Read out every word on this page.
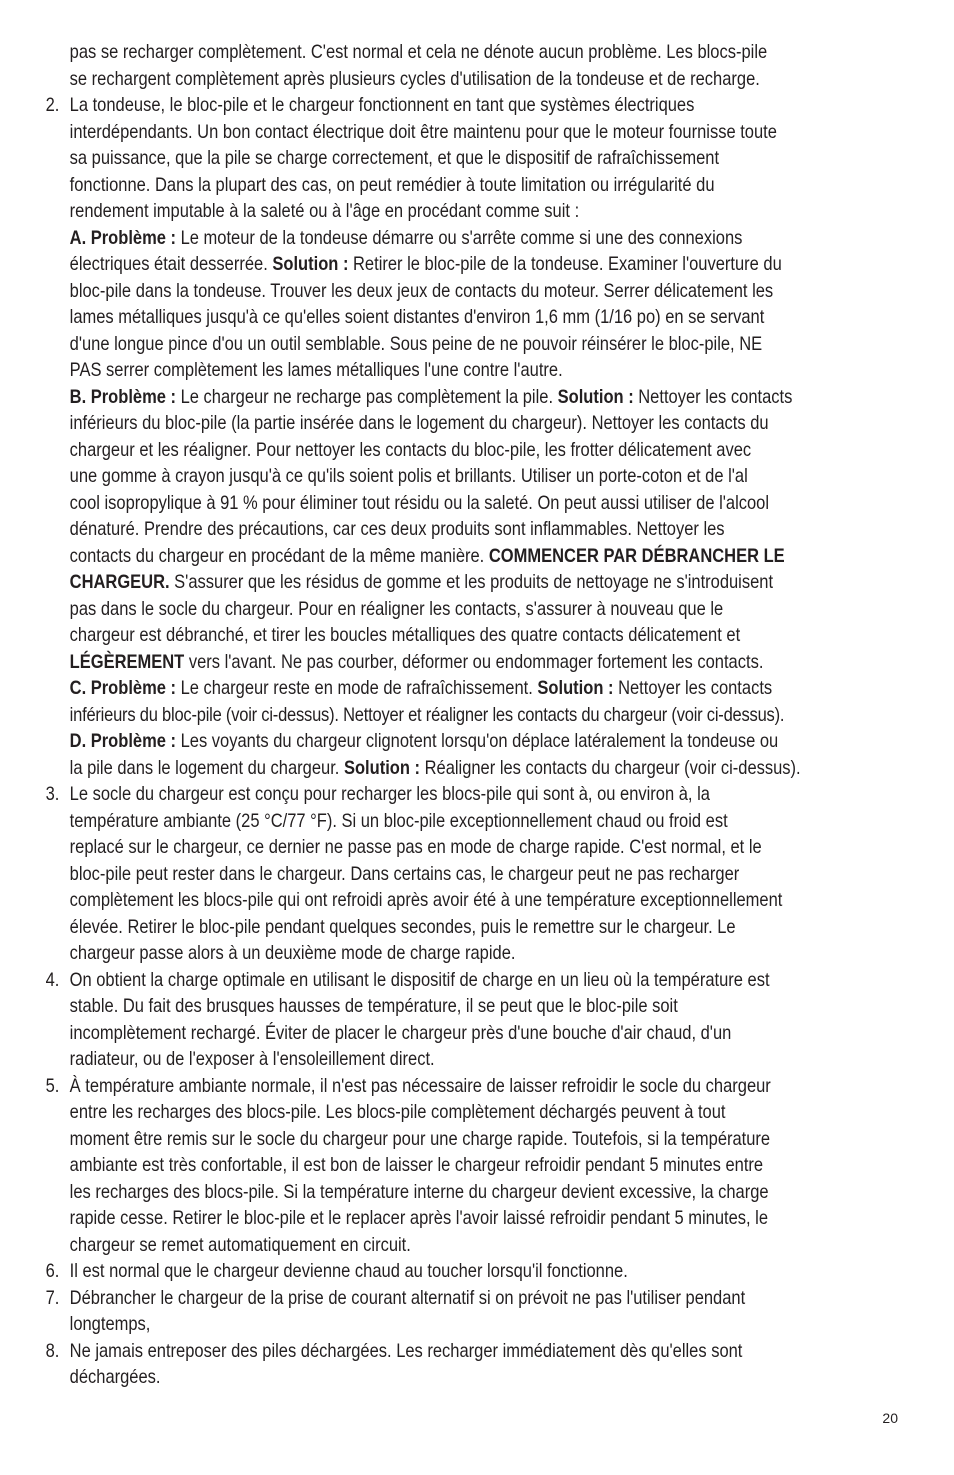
pas se recharger complètement. C'est normal et cela ne dénote aucun problème. Les blocs-pile
se rechargent complètement après plusieurs cycles d'utilisation de la tondeuse et de recharge.
2. La tondeuse, le bloc-pile et le chargeur fonctionnent en tant que systèmes électriques
interdépendants. Un bon contact électrique doit être maintenu pour que le moteur fournisse toute
sa puissance, que la pile se charge correctement, et que le dispositif de rafraîchissement
fonctionne. Dans la plupart des cas, on peut remédier à toute limitation ou irrégularité du
rendement imputable à la saleté ou à l'âge en procédant comme suit :
A. Problème : Le moteur de la tondeuse démarre ou s'arrête comme si une des connexions
électriques était desserrée. Solution : Retirer le bloc-pile de la tondeuse. Examiner l'ouverture du
bloc-pile dans la tondeuse. Trouver les deux jeux de contacts du moteur. Serrer délicatement les
lames métalliques jusqu'à ce qu'elles soient distantes d'environ 1,6 mm (1/16 po) en se servant
d'une longue pince d'ou un outil semblable. Sous peine de ne pouvoir réinsérer le bloc-pile, NE
PAS serrer complètement les lames métalliques l'une contre l'autre.
B. Problème : Le chargeur ne recharge pas complètement la pile. Solution : Nettoyer les contacts
inférieurs du bloc-pile (la partie insérée dans le logement du chargeur). Nettoyer les contacts du
chargeur et les réaligner. Pour nettoyer les contacts du bloc-pile, les frotter délicatement avec
une gomme à crayon jusqu'à ce qu'ils soient polis et brillants. Utiliser un porte-coton et de l'al
cool isopropylique à 91 % pour éliminer tout résidu ou la saleté. On peut aussi utiliser de l'alcool
dénaturé. Prendre des précautions, car ces deux produits sont inflammables. Nettoyer les
contacts du chargeur en procédant de la même manière. COMMENCER PAR DÉBRANCHER LE
CHARGEUR. S'assurer que les résidus de gomme et les produits de nettoyage ne s'introduisent
pas dans le socle du chargeur. Pour en réaligner les contacts, s'assurer à nouveau que le
chargeur est débranché, et tirer les boucles métalliques des quatre contacts délicatement et
LÉGÈREMENT vers l'avant. Ne pas courber, déformer ou endommager fortement les contacts.
C. Problème : Le chargeur reste en mode de rafraîchissement. Solution : Nettoyer les contacts
inférieurs du bloc-pile (voir ci-dessus). Nettoyer et réaligner les contacts du chargeur (voir ci-dessus).
D. Problème : Les voyants du chargeur clignotent lorsqu'on déplace latéralement la tondeuse ou
la pile dans le logement du chargeur. Solution : Réaligner les contacts du chargeur (voir ci-dessus).
3. Le socle du chargeur est conçu pour recharger les blocs-pile qui sont à, ou environ à, la
température ambiante (25 °C/77 °F). Si un bloc-pile exceptionnellement chaud ou froid est
replacé sur le chargeur, ce dernier ne passe pas en mode de charge rapide. C'est normal, et le
bloc-pile peut rester dans le chargeur. Dans certains cas, le chargeur peut ne pas recharger
complètement les blocs-pile qui ont refroidi après avoir été à une température exceptionnellement
élevée. Retirer le bloc-pile pendant quelques secondes, puis le remettre sur le chargeur. Le
chargeur passe alors à un deuxième mode de charge rapide.
4. On obtient la charge optimale en utilisant le dispositif de charge en un lieu où la température est
stable. Du fait des brusques hausses de température, il se peut que le bloc-pile soit
incomplètement rechargé. Éviter de placer le chargeur près d'une bouche d'air chaud, d'un
radiateur, ou de l'exposer à l'ensoleillement direct.
5. À température ambiante normale, il n'est pas nécessaire de laisser refroidir le socle du chargeur
entre les recharges des blocs-pile. Les blocs-pile complètement déchargés peuvent à tout
moment être remis sur le socle du chargeur pour une charge rapide. Toutefois, si la température
ambiante est très confortable, il est bon de laisser le chargeur refroidir pendant 5 minutes entre
les recharges des blocs-pile. Si la température interne du chargeur devient excessive, la charge
rapide cesse. Retirer le bloc-pile et le replacer après l'avoir laissé refroidir pendant 5 minutes, le
chargeur se remet automatiquement en circuit.
6. Il est normal que le chargeur devienne chaud au toucher lorsqu'il fonctionne.
7. Débrancher le chargeur de la prise de courant alternatif si on prévoit ne pas l'utiliser pendant
longtemps,
8. Ne jamais entreposer des piles déchargées. Les recharger immédiatement dès qu'elles sont
déchargées.
20
